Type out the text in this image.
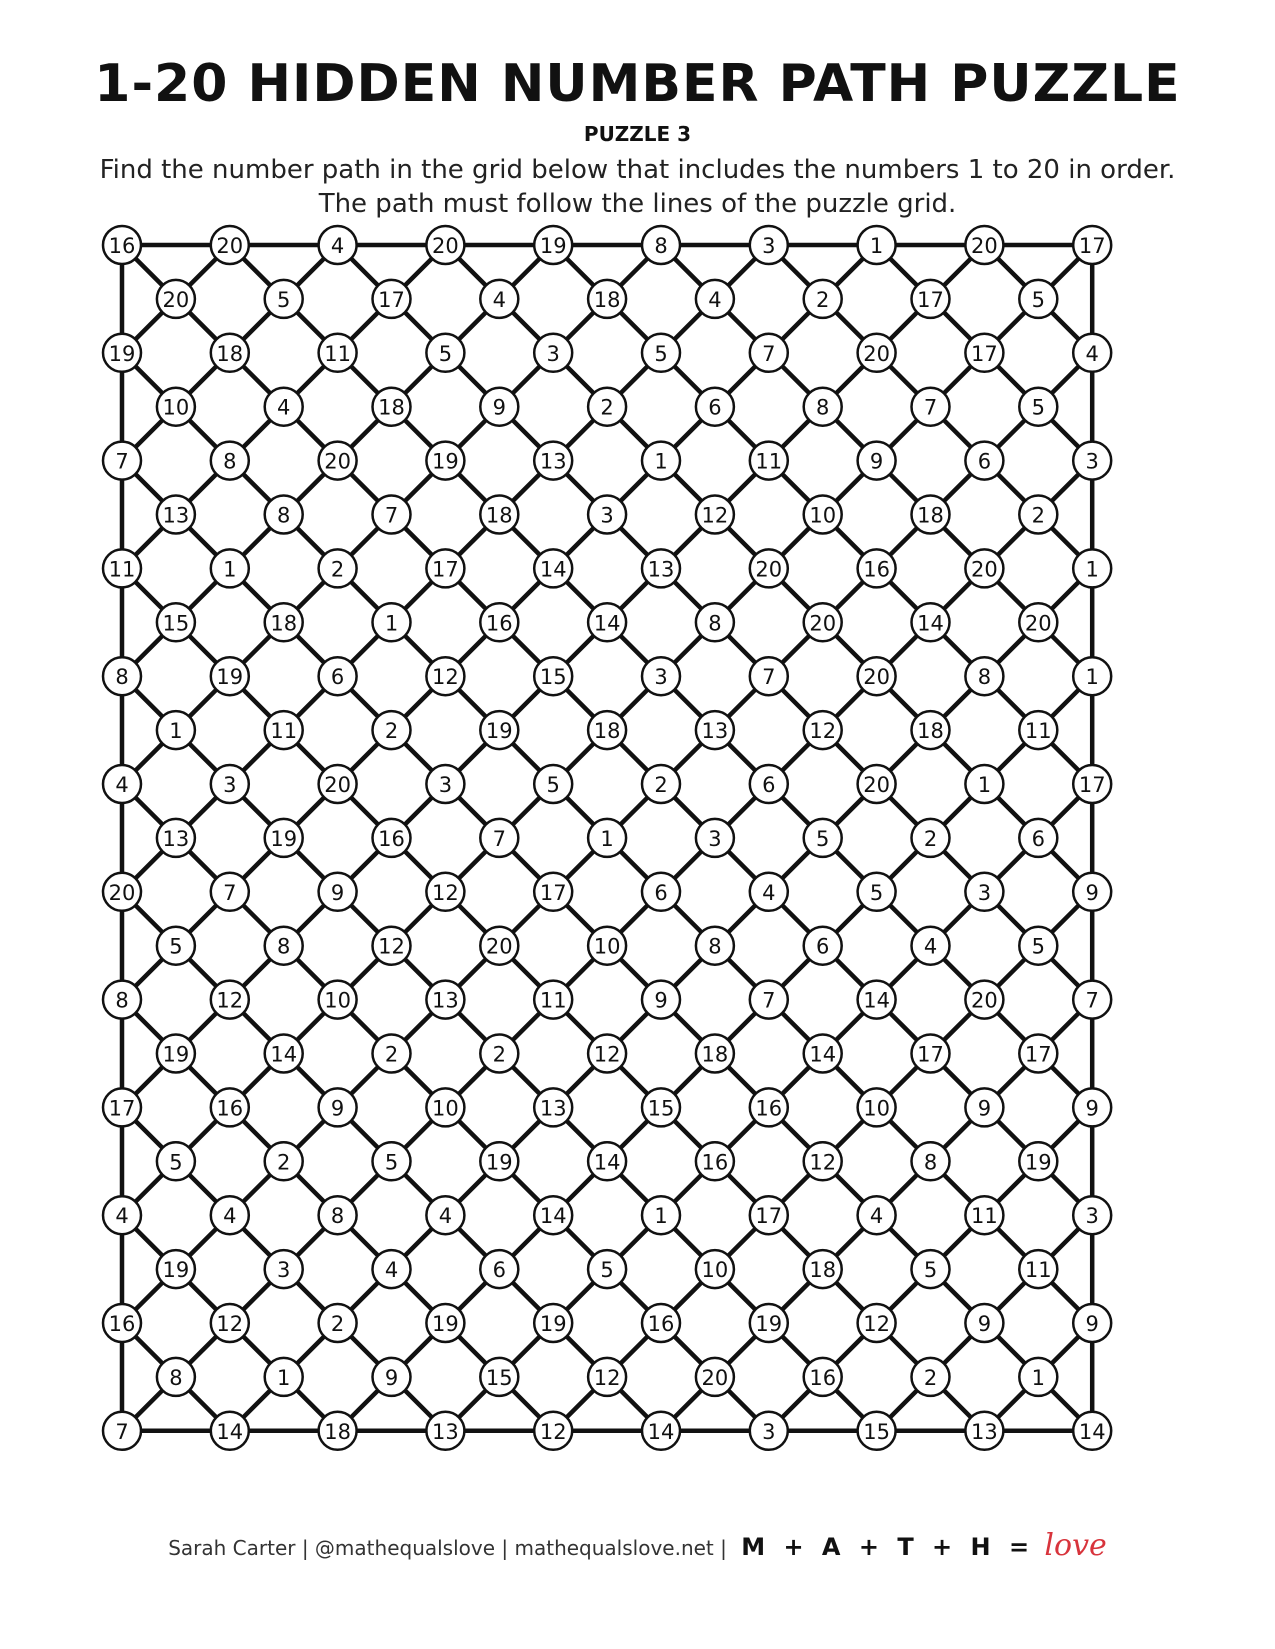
1-20 HIDDEN NUMBER PATH PUZZLE
PUZZLE 3

Find the number path in the grid below that includes the numbers 1 to 20 in order. The path must follow the lines of the puzzle grid.

16	20	4	20	19	8	3	1	20	17
19	18	11	5	3	5	7	20	17	4
7	8	20	19	13	1	11	9	6	3
11	1	2	17	14	13	20	16	20	1
8	19	6	12	15	3	7	20	8	1
4	3	20	3	5	2	6	20	1	17
20	7	9	12	17	6	4	5	3	9
8	12	10	13	11	9	7	14	20	7
17	16	9	10	13	15	16	10	9	9
4	4	8	4	14	1	17	4	11	3
16	12	2	19	19	16	19	12	9	9
7	14	18	13	12	14	3	15	13	14
20	5	17	4	18	4	2	17	5
10	4	18	9	2	6	8	7	5
13	8	7	18	3	12	10	18	2
15	18	1	16	14	8	20	14	20
1	11	2	19	18	13	12	18	11
13	19	16	7	1	3	5	2	6
5	8	12	20	10	8	6	4	5
19	14	2	2	12	18	14	17	17
5	2	5	19	14	16	12	8	19
19	3	4	6	5	10	18	5	11
8	1	9	15	12	20	16	2	1
Sarah Carter | @mathequalslove | mathequalslove.net | M + A + T + H = love
